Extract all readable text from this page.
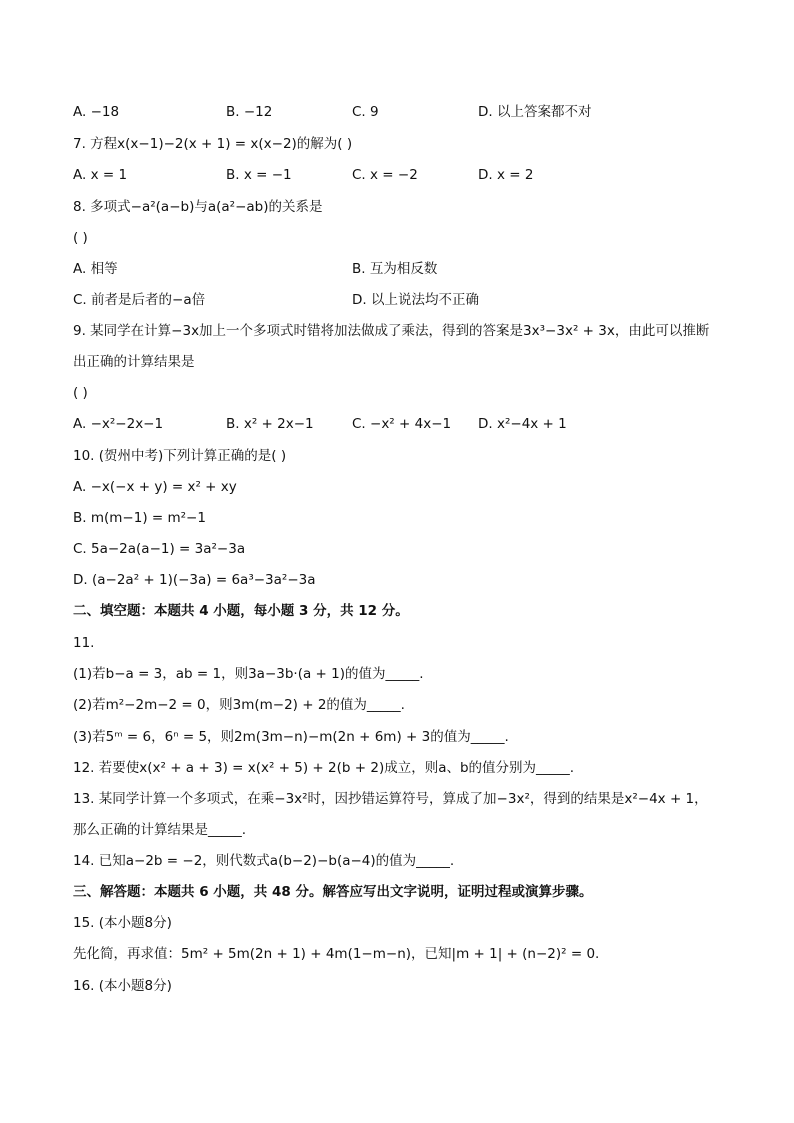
A. −18	B. −12	C. 9	D. 以上答案都不对
7. 方程x(x−1)−2(x + 1) = x(x−2)的解为( )
A. x = 1	B. x = −1	C. x = −2	D. x = 2
8. 多项式−a²(a−b)与a(a²−ab)的关系是
( )
A. 相等	B. 互为相反数
C. 前者是后者的−a倍	D. 以上说法均不正确
9. 某同学在计算−3x加上一个多项式时错将加法做成了乘法，得到的答案是3x³−3x² + 3x，由此可以推断
出正确的计算结果是
( )
A. −x²−2x−1	B. x² + 2x−1	C. −x² + 4x−1 D. x²−4x + 1
10. (贺州中考)下列计算正确的是( )
A. −x(−x + y) = x² + xy
B. m(m−1) = m²−1
C. 5a−2a(a−1) = 3a²−3a
D. (a−2a² + 1)(−3a) = 6a³−3a²−3a
二、填空题：本题共 4 小题，每小题 3 分，共 12 分。
11.
(1)若b−a = 3，ab = 1，则3a−3b·(a + 1)的值为_____.
(2)若m²−2m−2 = 0，则3m(m−2) + 2的值为_____.
(3)若5ᵐ = 6，6ⁿ = 5，则2m(3m−n)−m(2n + 6m) + 3的值为_____.
12. 若要使x(x² + a + 3) = x(x² + 5) + 2(b + 2)成立，则a、b的值分别为_____.
13. 某同学计算一个多项式，在乘−3x²时，因抄错运算符号，算成了加−3x²，得到的结果是x²−4x + 1，
那么正确的计算结果是_____.
14. 已知a−2b = −2，则代数式a(b−2)−b(a−4)的值为_____.
三、解答题：本题共 6 小题，共 48 分。解答应写出文字说明，证明过程或演算步骤。
15. (本小题8分)
先化简，再求值：5m² + 5m(2n + 1) + 4m(1−m−n)，已知|m + 1| + (n−2)² = 0.
16. (本小题8分)
